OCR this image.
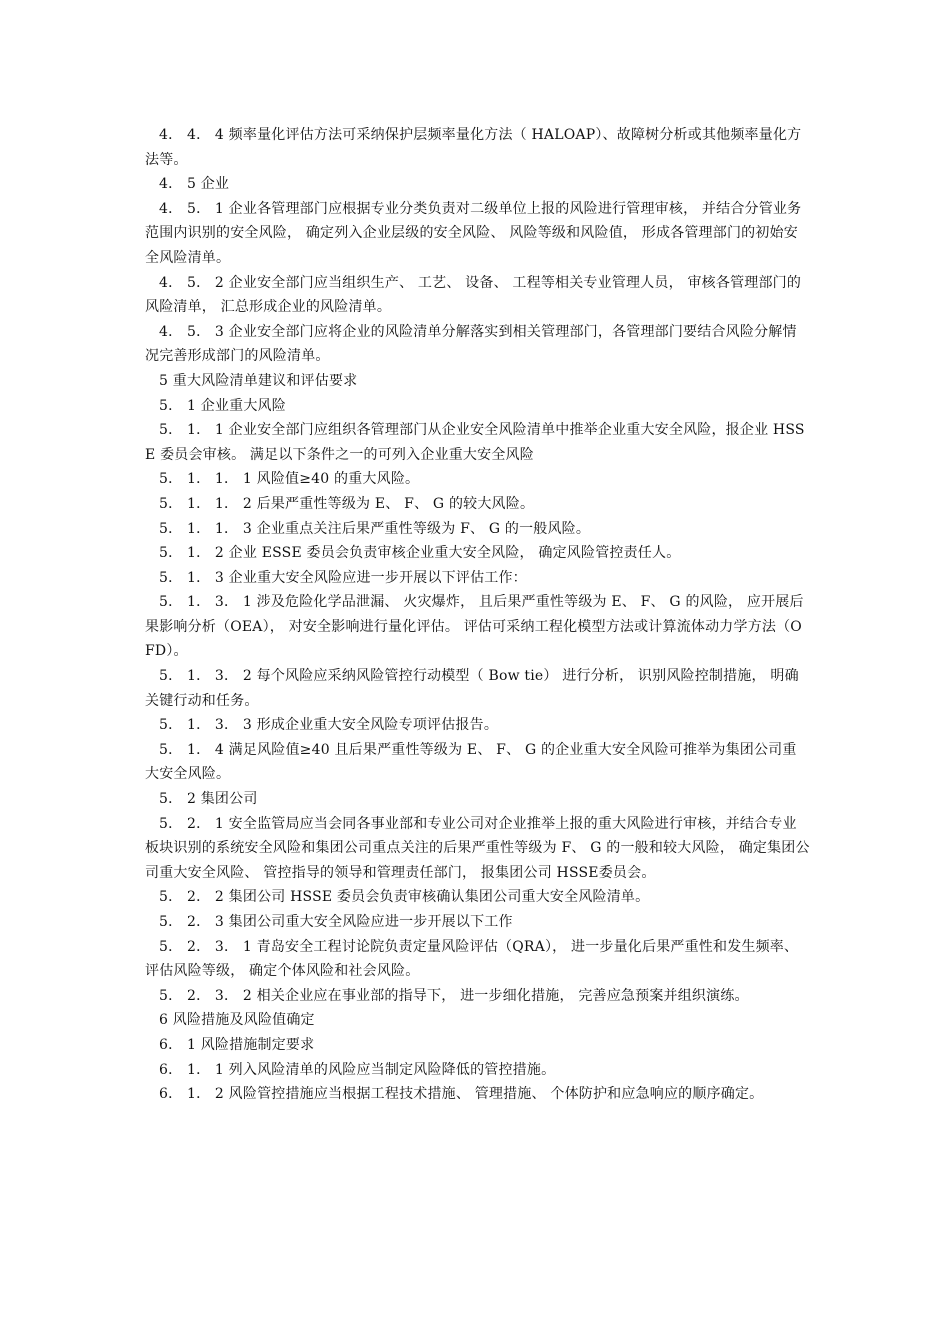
4． 4． 4 频率量化评估方法可采纳保护层频率量化方法（ HALOAP）、故障树分析或其他频率量化方法等。

4． 5 企业

4． 5． 1 企业各管理部门应根据专业分类负责对二级单位上报的风险进行管理审核， 并结合分管业务范围内识别的安全风险， 确定列入企业层级的安全风险、 风险等级和风险值， 形成各管理部门的初始安全风险清单。

4． 5． 2 企业安全部门应当组织生产、 工艺、 设备、 工程等相关专业管理人员， 审核各管理部门的风险清单， 汇总形成企业的风险清单。

4． 5． 3 企业安全部门应将企业的风险清单分解落实到相关管理部门，各管理部门要结合风险分解情况完善形成部门的风险清单。

5 重大风险清单建议和评估要求

5． 1 企业重大风险

5． 1． 1 企业安全部门应组织各管理部门从企业安全风险清单中推举企业重大安全风险，报企业 HSSE 委员会审核。 满足以下条件之一的可列入企业重大安全风险

5． 1． 1． 1 风险值≥40 的重大风险。

5． 1． 1． 2 后果严重性等级为 E、 F、 G 的较大风险。

5． 1． 1． 3 企业重点关注后果严重性等级为 F、 G 的一般风险。

5． 1． 2 企业 ESSE 委员会负责审核企业重大安全风险， 确定风险管控责任人。

5． 1． 3 企业重大安全风险应进一步开展以下评估工作：

5． 1． 3． 1 涉及危险化学品泄漏、 火灾爆炸， 且后果严重性等级为 E、 F、 G 的风险， 应开展后果影响分析（OEA）， 对安全影响进行量化评估。 评估可采纳工程化模型方法或计算流体动力学方法（OFD）。

5． 1． 3． 2 每个风险应采纳风险管控行动模型（ Bow tie） 进行分析， 识别风险控制措施， 明确关键行动和任务。

5． 1． 3． 3 形成企业重大安全风险专项评估报告。

5． 1． 4 满足风险值≥40 且后果严重性等级为 E、 F、 G 的企业重大安全风险可推举为集团公司重大安全风险。

5． 2 集团公司

5． 2． 1 安全监管局应当会同各事业部和专业公司对企业推举上报的重大风险进行审核，并结合专业板块识别的系统安全风险和集团公司重点关注的后果严重性等级为 F、 G 的一般和较大风险， 确定集团公司重大安全风险、 管控指导的领导和管理责任部门， 报集团公司 HSSE委员会。

5． 2． 2 集团公司 HSSE 委员会负责审核确认集团公司重大安全风险清单。

5． 2． 3 集团公司重大安全风险应进一步开展以下工作

5． 2． 3． 1 青岛安全工程讨论院负责定量风险评估（QRA）， 进一步量化后果严重性和发生频率、 评估风险等级， 确定个体风险和社会风险。

5． 2． 3． 2 相关企业应在事业部的指导下， 进一步细化措施， 完善应急预案并组织演练。

6 风险措施及风险值确定

6． 1 风险措施制定要求

6． 1． 1 列入风险清单的风险应当制定风险降低的管控措施。

6． 1． 2 风险管控措施应当根据工程技术措施、 管理措施、 个体防护和应急响应的顺序确定。
